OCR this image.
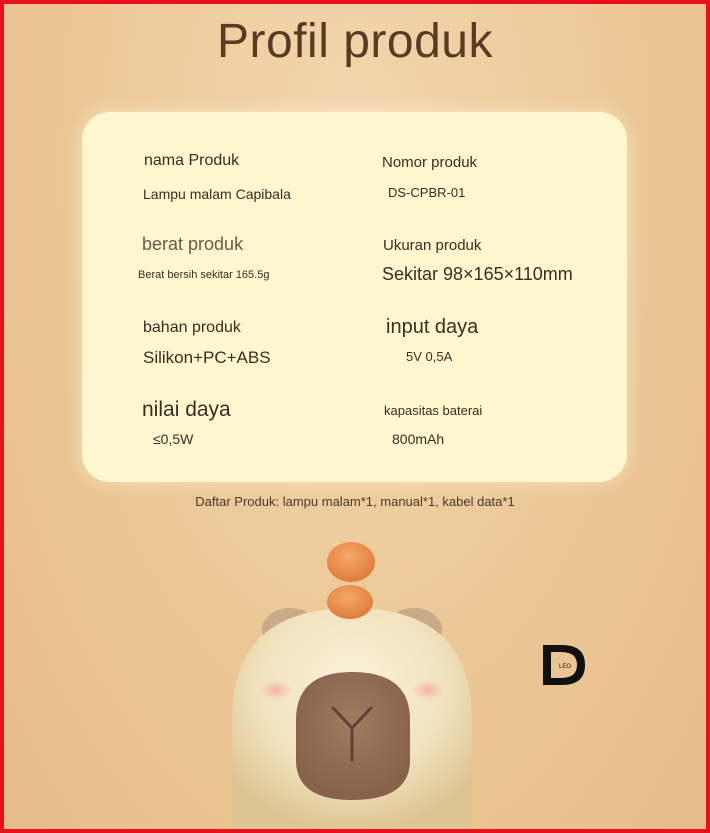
Profil produk
nama Produk
Lampu malam Capibala
Nomor produk
DS-CPBR-01
berat produk
Berat bersih sekitar 165.5g
Ukuran produk
Sekitar 98×165×110mm
bahan produk
Silikon+PC+ABS
input daya
5V 0,5A
nilai daya
≤0,5W
kapasitas baterai
800mAh
Daftar Produk: lampu malam*1, manual*1, kabel data*1
LEO
